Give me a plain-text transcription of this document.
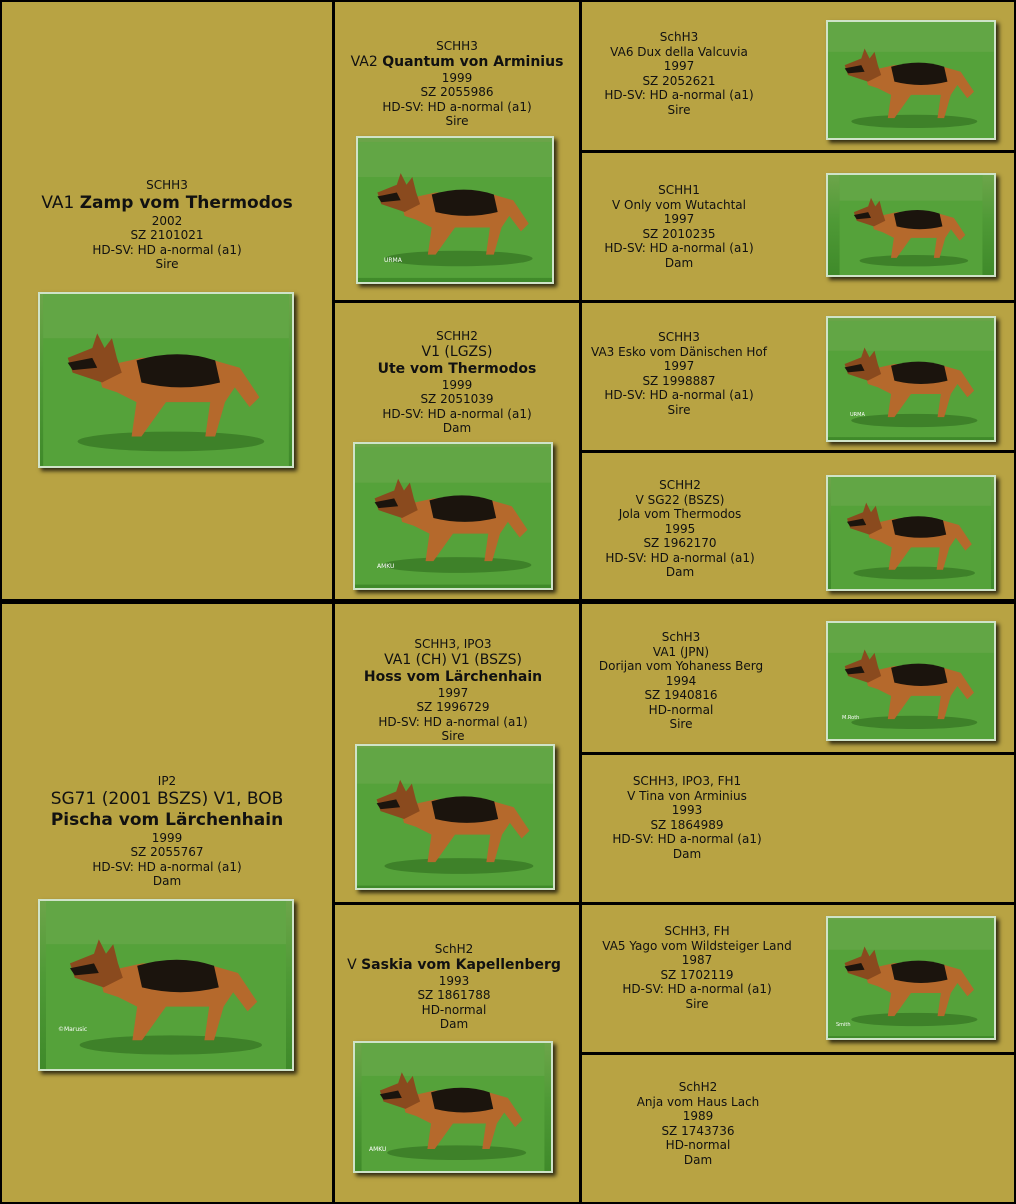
SCHH3
VA1 Zamp vom Thermodos
2002
SZ 2101021
HD-SV: HD a-normal (a1)
Sire
SCHH3
VA2 Quantum von Arminius
1999
SZ 2055986
HD-SV: HD a-normal (a1)
Sire
URMA
SCHH2
V1 (LGZS)
Ute vom Thermodos
1999
SZ 2051039
HD-SV: HD a-normal (a1)
Dam
AMKU
SchH3
VA6 Dux della Valcuvia
1997
SZ 2052621
HD-SV: HD a-normal (a1)
Sire
SCHH1
V Only vom Wutachtal
1997
SZ 2010235
HD-SV: HD a-normal (a1)
Dam
SCHH3
VA3 Esko vom Dänischen Hof
1997
SZ 1998887
HD-SV: HD a-normal (a1)
Sire	URMA
SCHH2
V SG22 (BSZS)
Jola vom Thermodos
1995
SZ 1962170
HD-SV: HD a-normal (a1)
Dam
IP2
SG71 (2001 BSZS) V1, BOB
Pischa vom Lärchenhain
1999
SZ 2055767
HD-SV: HD a-normal (a1)
Dam
©Marusic
SCHH3, IPO3
VA1 (CH) V1 (BSZS)
Hoss vom Lärchenhain
1997
SZ 1996729
HD-SV: HD a-normal (a1)
Sire
SchH2
V Saskia vom Kapellenberg
1993
SZ 1861788
HD-normal
Dam
AMKU
SchH3
VA1 (JPN)
Dorijan vom Yohaness Berg
1994
SZ 1940816
HD-normal
Sire	M.Roth
SCHH3, IPO3, FH1
V Tina von Arminius
1993
SZ 1864989
HD-SV: HD a-normal (a1)
Dam
SCHH3, FH
VA5 Yago vom Wildsteiger Land
1987
SZ 1702119
HD-SV: HD a-normal (a1)
Sire
Smith
SchH2
Anja vom Haus Lach
1989
SZ 1743736
HD-normal
Dam
